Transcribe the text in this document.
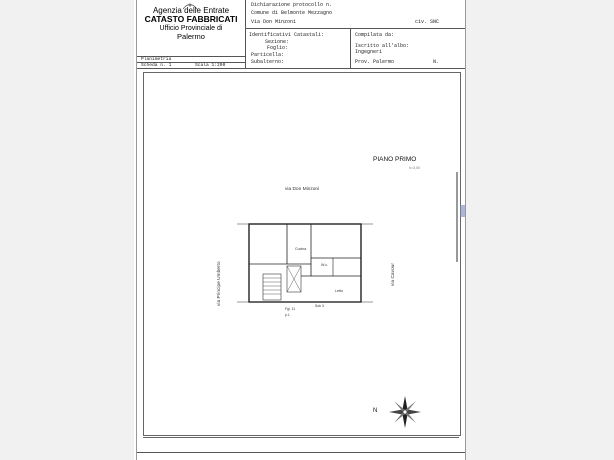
Agenzia delle Entrate
CATASTO FABBRICATI
Ufficio Provinciale di
Palermo
Dichiarazione protocollo n.
Comune di Belmonte Mezzagno
Via Don Minzoni	civ. SNC
Identificativi Catastali:
Sezione:
Foglio:
Particella:
Subalterno:
Compilata da:
Iscritto all'albo:
Ingegneri
Prov. Palermo	N.
Planimetria
Scheda n. 1	Scala 1:200
PIANO PRIMO
h=3,00
via Don Minzoni
via Principe Umberto	via Cavour
Cucina
W.c.
Letto
Fgl. 11
Sub 3
p.1
N
